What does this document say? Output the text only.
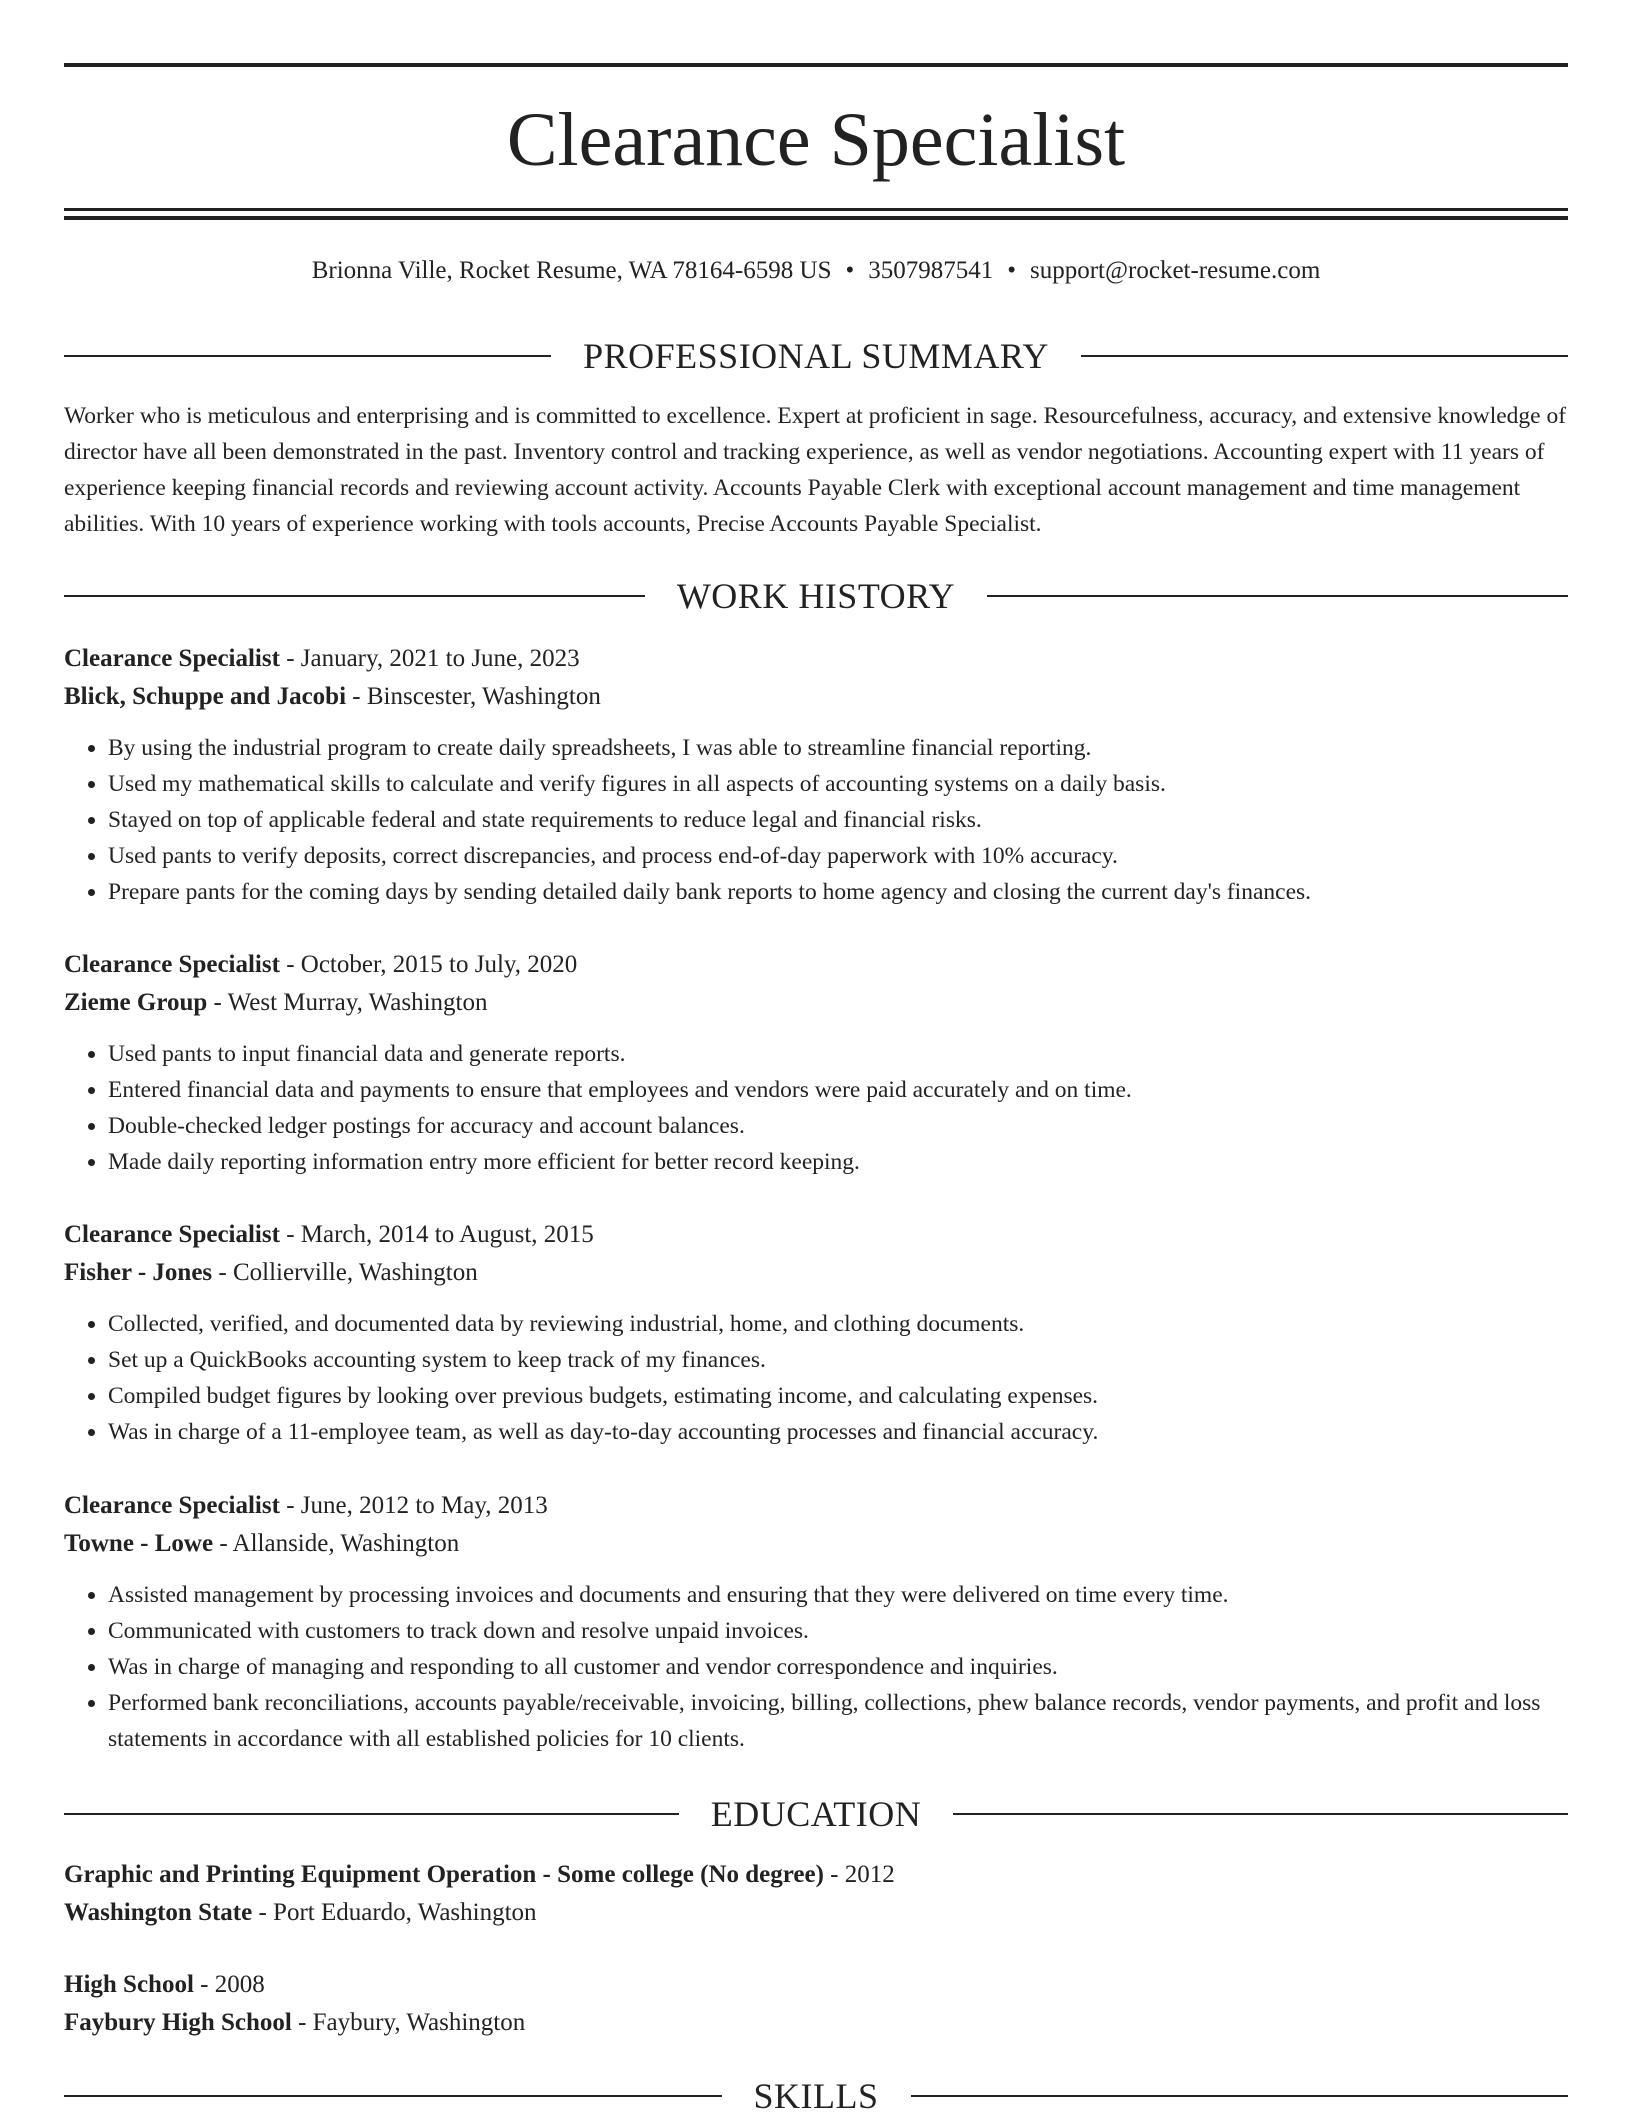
Clearance Specialist
Brionna Ville, Rocket Resume, WA 78164-6598 US • 3507987541 • support@rocket-resume.com
PROFESSIONAL SUMMARY

Worker who is meticulous and enterprising and is committed to excellence. Expert at proficient in sage. Resourcefulness, accuracy, and extensive knowledge of director have all been demonstrated in the past. Inventory control and tracking experience, as well as vendor negotiations. Accounting expert with 11 years of experience keeping financial records and reviewing account activity. Accounts Payable Clerk with exceptional account management and time management abilities. With 10 years of experience working with tools accounts, Precise Accounts Payable Specialist.

WORK HISTORY

Clearance Specialist - January, 2021 to June, 2023

Blick, Schuppe and Jacobi - Binscester, Washington

• By using the industrial program to create daily spreadsheets, I was able to streamline financial reporting.
• Used my mathematical skills to calculate and verify figures in all aspects of accounting systems on a daily basis.
• Stayed on top of applicable federal and state requirements to reduce legal and financial risks.
• Used pants to verify deposits, correct discrepancies, and process end-of-day paperwork with 10% accuracy.
• Prepare pants for the coming days by sending detailed daily bank reports to home agency and closing the current day's finances.

Clearance Specialist - October, 2015 to July, 2020

Zieme Group - West Murray, Washington

• Used pants to input financial data and generate reports.
• Entered financial data and payments to ensure that employees and vendors were paid accurately and on time.
• Double-checked ledger postings for accuracy and account balances.
• Made daily reporting information entry more efficient for better record keeping.

Clearance Specialist - March, 2014 to August, 2015

Fisher - Jones - Collierville, Washington

• Collected, verified, and documented data by reviewing industrial, home, and clothing documents.
• Set up a QuickBooks accounting system to keep track of my finances.
• Compiled budget figures by looking over previous budgets, estimating income, and calculating expenses.
• Was in charge of a 11-employee team, as well as day-to-day accounting processes and financial accuracy.

Clearance Specialist - June, 2012 to May, 2013

Towne - Lowe - Allanside, Washington

• Assisted management by processing invoices and documents and ensuring that they were delivered on time every time.
• Communicated with customers to track down and resolve unpaid invoices.
• Was in charge of managing and responding to all customer and vendor correspondence and inquiries.
• Performed bank reconciliations, accounts payable/receivable, invoicing, billing, collections, phew balance records, vendor payments, and profit and loss statements in accordance with all established policies for 10 clients.
EDUCATION

Graphic and Printing Equipment Operation - Some college (No degree) - 2012

Washington State - Port Eduardo, Washington

High School - 2008

Faybury High School - Faybury, Washington

SKILLS
